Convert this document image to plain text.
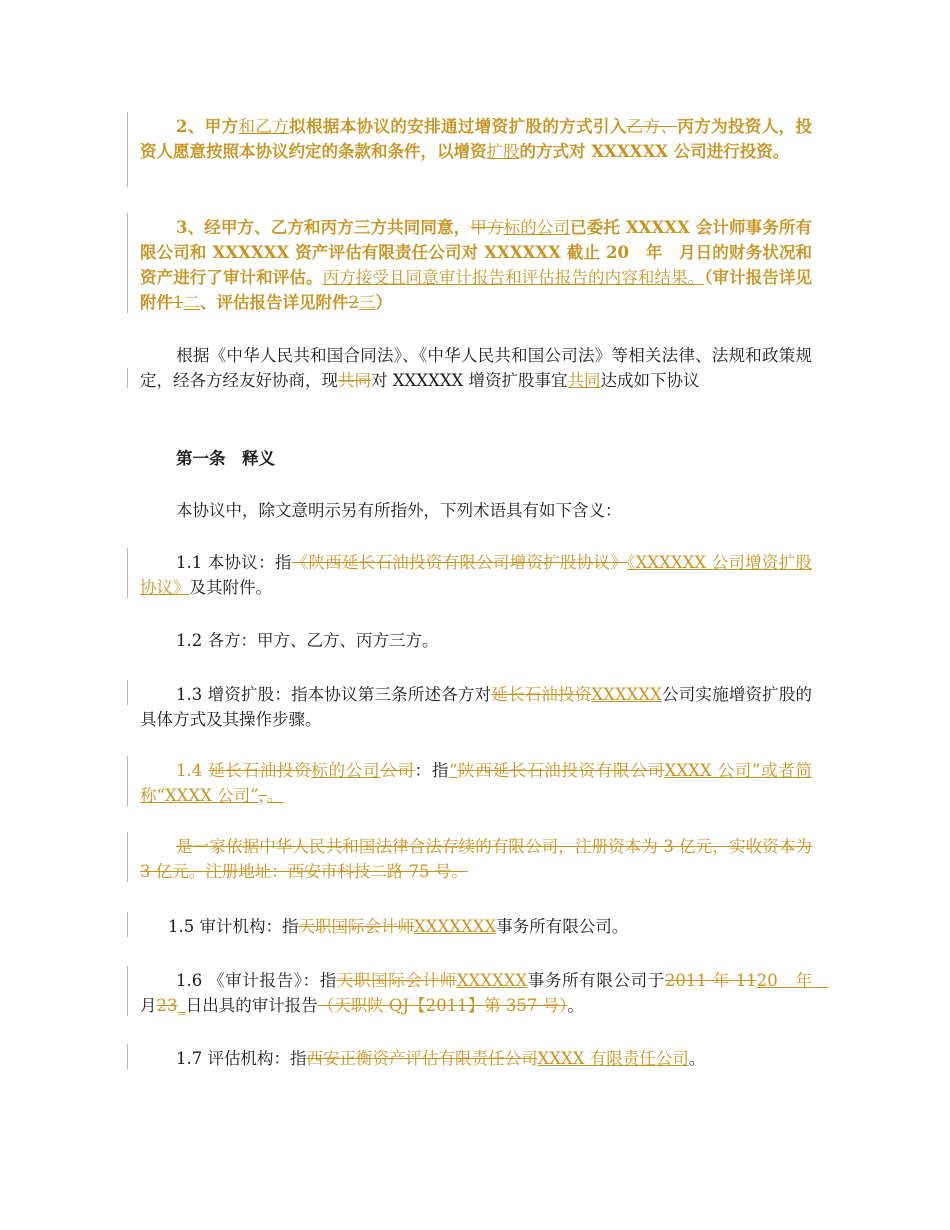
2、甲方和乙方拟根据本协议的安排通过增资扩股的方式引入乙方、丙方为投资人，投资人愿意按照本协议约定的条款和条件，以增资扩股的方式对 XXXXXX 公司进行投资。

3、经甲方、乙方和丙方三方共同同意，甲方标的公司已委托 XXXXX 会计师事务所有限公司和 XXXXXX 资产评估有限责任公司对 XXXXXX 截止 20　年　月日的财务状况和资产进行了审计和评估。丙方接受且同意审计报告和评估报告的内容和结果。（审计报告详见附件1二、评估报告详见附件2三）

根据《中华人民共和国合同法》、《中华人民共和国公司法》等相关法律、法规和政策规定，经各方经友好协商，现共同对 XXXXXX 增资扩股事宜共同达成如下协议

第一条　释义

本协议中，除文意明示另有所指外，下列术语具有如下含义：

1.1 本协议：指《陕西延长石油投资有限公司增资扩股协议》《XXXXXX 公司增资扩股协议》及其附件。

1.2 各方：甲方、乙方、丙方三方。

1.3 增资扩股：指本协议第三条所述各方对延长石油投资XXXXXX公司实施增资扩股的具体方式及其操作步骤。

1.4 延长石油投资标的公司公司：指“陕西延长石油投资有限公司XXXX 公司”或者简称“XXXX 公司”，。

是一家依据中华人民共和国法律合法存续的有限公司，注册资本为 3 亿元，实收资本为 3 亿元。注册地址：西安市科技二路 75 号。

1.5 审计机构：指天职国际会计师XXXXXXX事务所有限公司。

1.6 《审计报告》：指天职国际会计师XXXXXX事务所有限公司于2011 年 1120　年　月23_日出具的审计报告（天职陕 QJ【2011】第 357 号）。

1.7 评估机构：指西安正衡资产评估有限责任公司XXXX 有限责任公司。
